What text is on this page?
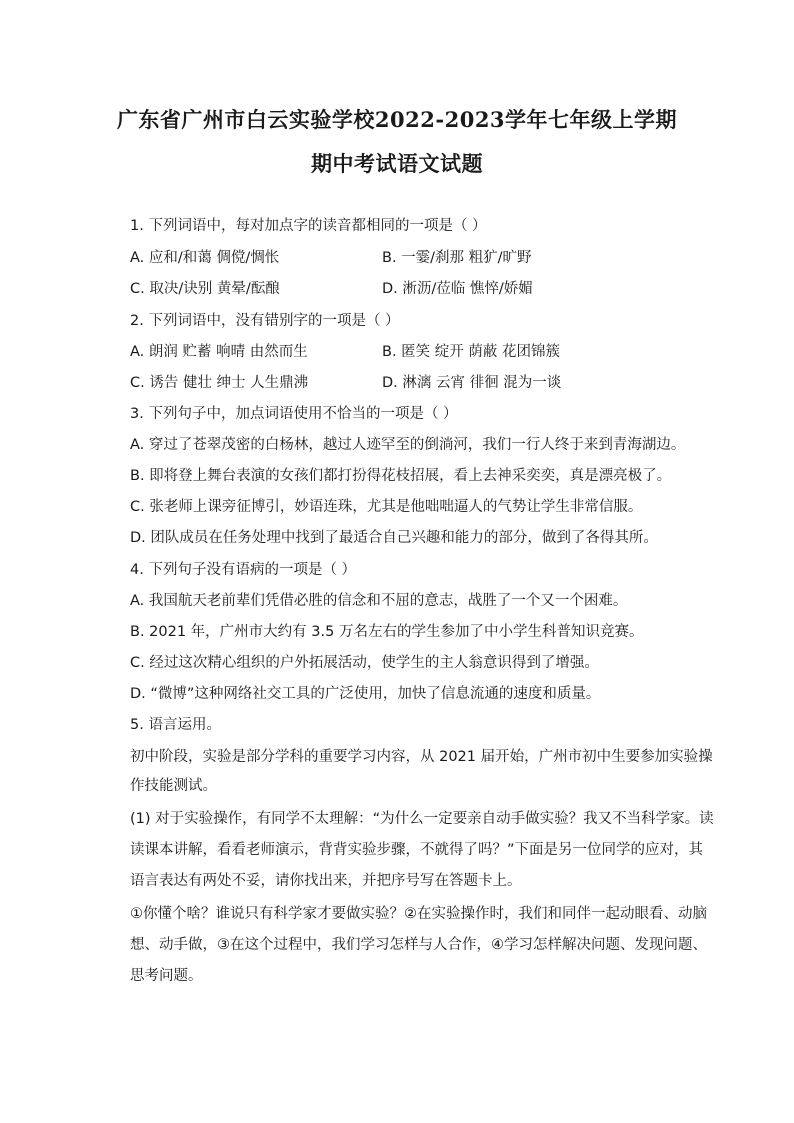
广东省广州市白云实验学校2022-2023学年七年级上学期
期中考试语文试题
1. 下列词语中，每对加点字的读音都相同的一项是（ ）
A. 应和/和蔼 倜傥/惆怅	B. 一霎/刹那 粗犷/旷野
C. 取决/诀别 黄晕/酝酿	D. 淅沥/莅临 憔悴/娇媚
2. 下列词语中，没有错别字的一项是（ ）
A. 朗润 贮蓄 响晴 由然而生	B. 匿笑 绽开 荫蔽 花团锦簇
C. 诱告 健壮 绅士 人生鼎沸	D. 淋漓 云宵 徘徊 混为一谈
3. 下列句子中，加点词语使用不恰当的一项是（ ）
A. 穿过了苍翠茂密的白杨林，越过人迹罕至的倒淌河，我们一行人终于来到青海湖边。
B. 即将登上舞台表演的女孩们都打扮得花枝招展，看上去神采奕奕，真是漂亮极了。
C. 张老师上课旁征博引，妙语连珠，尤其是他咄咄逼人的气势让学生非常信服。
D. 团队成员在任务处理中找到了最适合自己兴趣和能力的部分，做到了各得其所。
4. 下列句子没有语病的一项是（ ）
A. 我国航天老前辈们凭借必胜的信念和不屈的意志，战胜了一个又一个困难。
B. 2021 年，广州市大约有 3.5 万名左右的学生参加了中小学生科普知识竞赛。
C. 经过这次精心组织的户外拓展活动，使学生的主人翁意识得到了增强。
D. “微博”这种网络社交工具的广泛使用，加快了信息流通的速度和质量。
5. 语言运用。
初中阶段，实验是部分学科的重要学习内容，从 2021 届开始，广州市初中生要参加实验操
作技能测试。
(1) 对于实验操作，有同学不太理解：“为什么一定要亲自动手做实验？我又不当科学家。读
读课本讲解，看看老师演示，背背实验步骤，不就得了吗？”下面是另一位同学的应对，其
语言表达有两处不妥，请你找出来，并把序号写在答题卡上。
①你懂个啥？谁说只有科学家才要做实验？②在实验操作时，我们和同伴一起动眼看、动脑
想、动手做，③在这个过程中，我们学习怎样与人合作，④学习怎样解决问题、发现问题、
思考问题。
